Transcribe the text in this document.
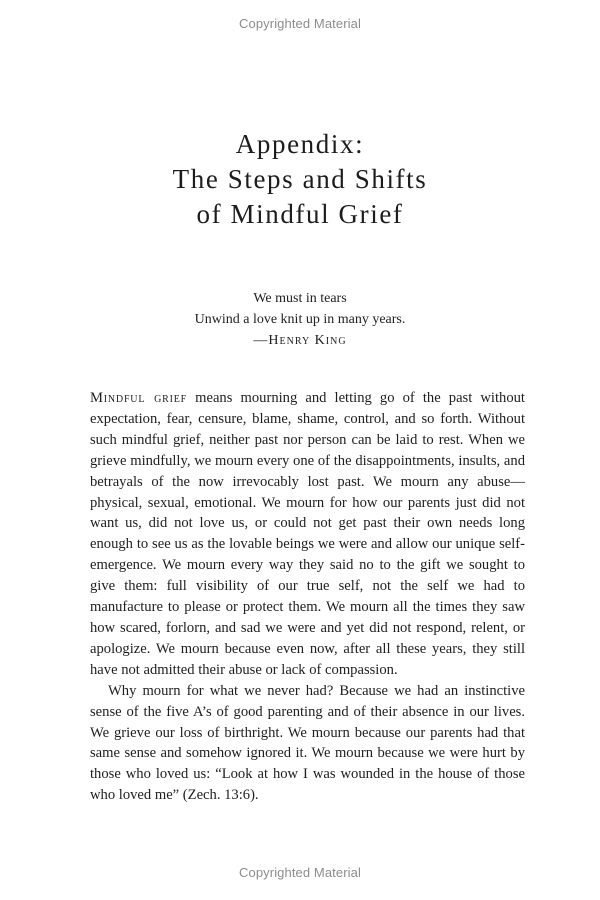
Copyrighted Material
Appendix:
The Steps and Shifts
of Mindful Grief
We must in tears
Unwind a love knit up in many years.
—Henry King

Mindful grief means mourning and letting go of the past without expectation, fear, censure, blame, shame, control, and so forth. Without such mindful grief, neither past nor person can be laid to rest. When we grieve mindfully, we mourn every one of the disappointments, insults, and betrayals of the now irrevocably lost past. We mourn any abuse—physical, sexual, emotional. We mourn for how our parents just did not want us, did not love us, or could not get past their own needs long enough to see us as the lovable beings we were and allow our unique self-emergence. We mourn every way they said no to the gift we sought to give them: full visibility of our true self, not the self we had to manufacture to please or protect them. We mourn all the times they saw how scared, forlorn, and sad we were and yet did not respond, relent, or apologize. We mourn because even now, after all these years, they still have not admitted their abuse or lack of compassion.

Why mourn for what we never had? Because we had an instinctive sense of the five A’s of good parenting and of their absence in our lives. We grieve our loss of birthright. We mourn because our parents had that same sense and somehow ignored it. We mourn because we were hurt by those who loved us: “Look at how I was wounded in the house of those who loved me” (Zech. 13:6).

Copyrighted Material
